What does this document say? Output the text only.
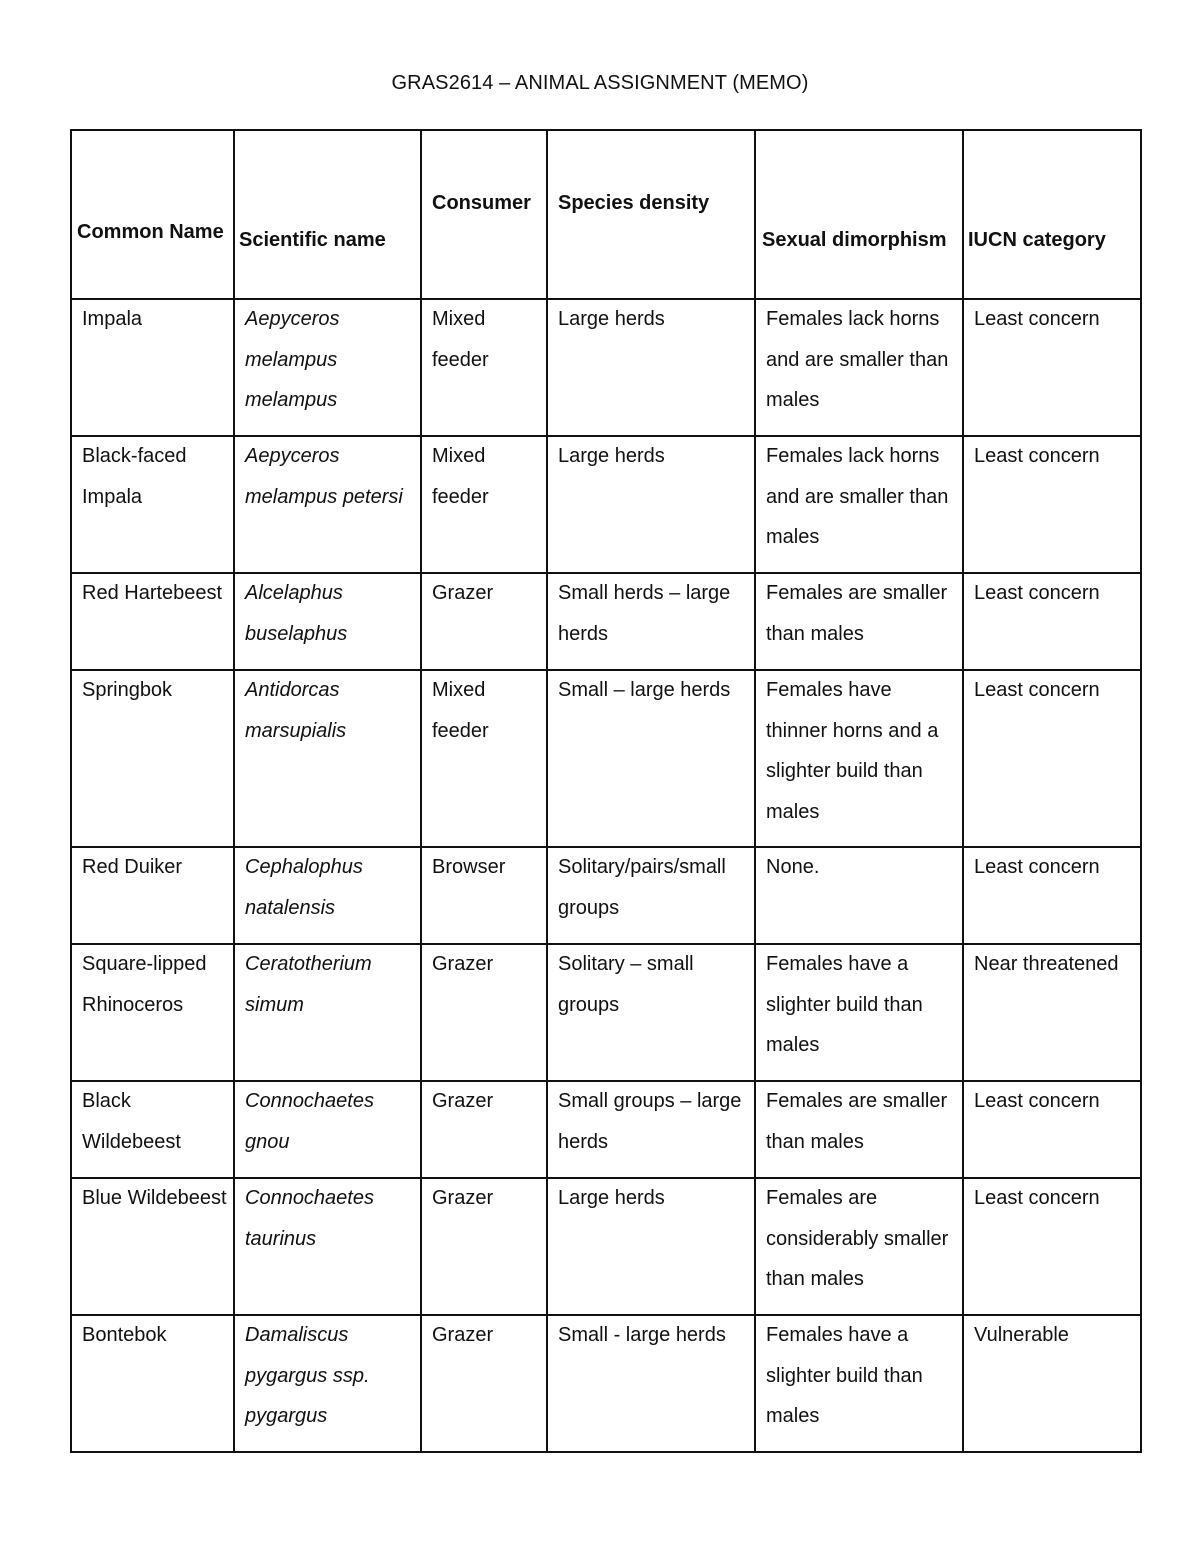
GRAS2614 – ANIMAL ASSIGNMENT (MEMO)
Common Name	Scientific name	Consumer	Species density	Sexual dimorphism	IUCN category

Impala	Aepyceros melampus melampus	Mixed feeder	Large herds	Females lack horns and are smaller than males	Least concern

Black-faced Impala	Aepyceros melampus petersi	Mixed feeder	Large herds	Females lack horns and are smaller than males	Least concern

Red Hartebeest	Alcelaphus buselaphus	Grazer	Small herds – large herds	Females are smaller than males	Least concern

Springbok	Antidorcas marsupialis	Mixed feeder	Small – large herds	Females have thinner horns and a slighter build than males	Least concern

Red Duiker	Cephalophus natalensis	Browser	Solitary/pairs/small groups	None.	Least concern

Square-lipped Rhinoceros	Ceratotherium simum	Grazer	Solitary – small groups	Females have a slighter build than males	Near threatened

Black Wildebeest	Connochaetes gnou	Grazer	Small groups – large herds	Females are smaller than males	Least concern

Blue Wildebeest	Connochaetes taurinus	Grazer	Large herds	Females are considerably smaller than males	Least concern

Bontebok	Damaliscus pygargus ssp. pygargus	Grazer	Small - large herds	Females have a slighter build than males	Vulnerable
